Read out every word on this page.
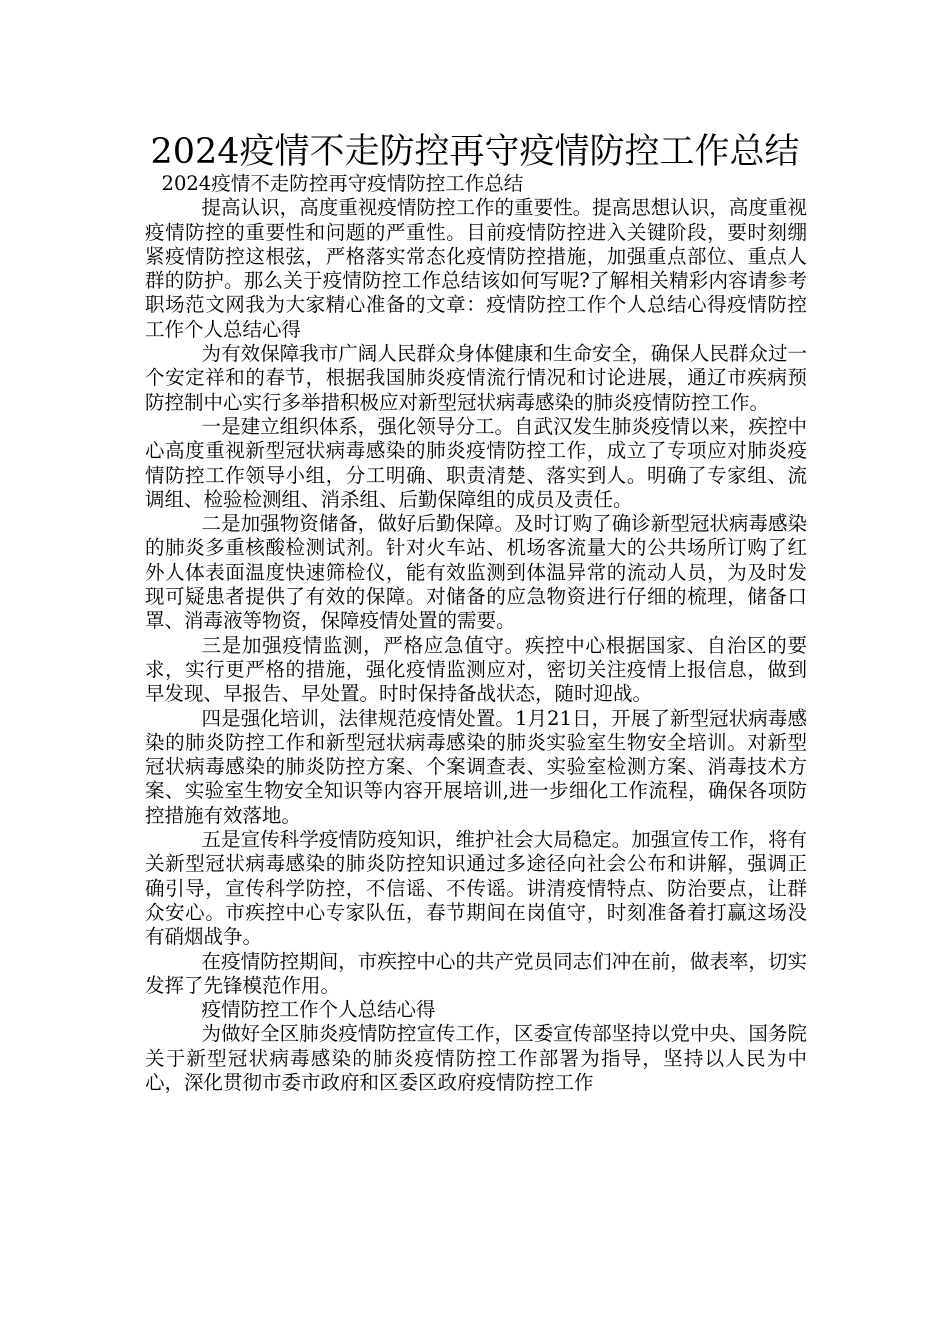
2024疫情不走防控再守疫情防控工作总结

2024疫情不走防控再守疫情防控工作总结

提高认识，高度重视疫情防控工作的重要性。提高思想认识，高度重视疫情防控的重要性和问题的严重性。目前疫情防控进入关键阶段，要时刻绷紧疫情防控这根弦，严格落实常态化疫情防控措施，加强重点部位、重点人群的防护。那么关于疫情防控工作总结该如何写呢?了解相关精彩内容请参考职场范文网我为大家精心准备的文章：疫情防控工作个人总结心得疫情防控工作个人总结心得

为有效保障我市广阔人民群众身体健康和生命安全，确保人民群众过一个安定祥和的春节，根据我国肺炎疫情流行情况和讨论进展，通辽市疾病预防控制中心实行多举措积极应对新型冠状病毒感染的肺炎疫情防控工作。

一是建立组织体系，强化领导分工。自武汉发生肺炎疫情以来，疾控中心高度重视新型冠状病毒感染的肺炎疫情防控工作，成立了专项应对肺炎疫情防控工作领导小组，分工明确、职责清楚、落实到人。明确了专家组、流调组、检验检测组、消杀组、后勤保障组的成员及责任。

二是加强物资储备，做好后勤保障。及时订购了确诊新型冠状病毒感染的肺炎多重核酸检测试剂。针对火车站、机场客流量大的公共场所订购了红外人体表面温度快速筛检仪，能有效监测到体温异常的流动人员，为及时发现可疑患者提供了有效的保障。对储备的应急物资进行仔细的梳理，储备口罩、消毒液等物资，保障疫情处置的需要。

三是加强疫情监测，严格应急值守。疾控中心根据国家、自治区的要求，实行更严格的措施，强化疫情监测应对，密切关注疫情上报信息，做到早发现、早报告、早处置。时时保持备战状态，随时迎战。

四是强化培训，法律规范疫情处置。1月21日，开展了新型冠状病毒感染的肺炎防控工作和新型冠状病毒感染的肺炎实验室生物安全培训。对新型冠状病毒感染的肺炎防控方案、个案调查表、实验室检测方案、消毒技术方案、实验室生物安全知识等内容开展培训,进一步细化工作流程，确保各项防控措施有效落地。

五是宣传科学疫情防疫知识，维护社会大局稳定。加强宣传工作，将有关新型冠状病毒感染的肺炎防控知识通过多途径向社会公布和讲解，强调正确引导，宣传科学防控，不信谣、不传谣。讲清疫情特点、防治要点，让群众安心。市疾控中心专家队伍，春节期间在岗值守，时刻准备着打赢这场没有硝烟战争。

在疫情防控期间，市疾控中心的共产党员同志们冲在前，做表率，切实发挥了先锋模范作用。

疫情防控工作个人总结心得

为做好全区肺炎疫情防控宣传工作，区委宣传部坚持以党中央、国务院关于新型冠状病毒感染的肺炎疫情防控工作部署为指导，坚持以人民为中心，深化贯彻市委市政府和区委区政府疫情防控工作
